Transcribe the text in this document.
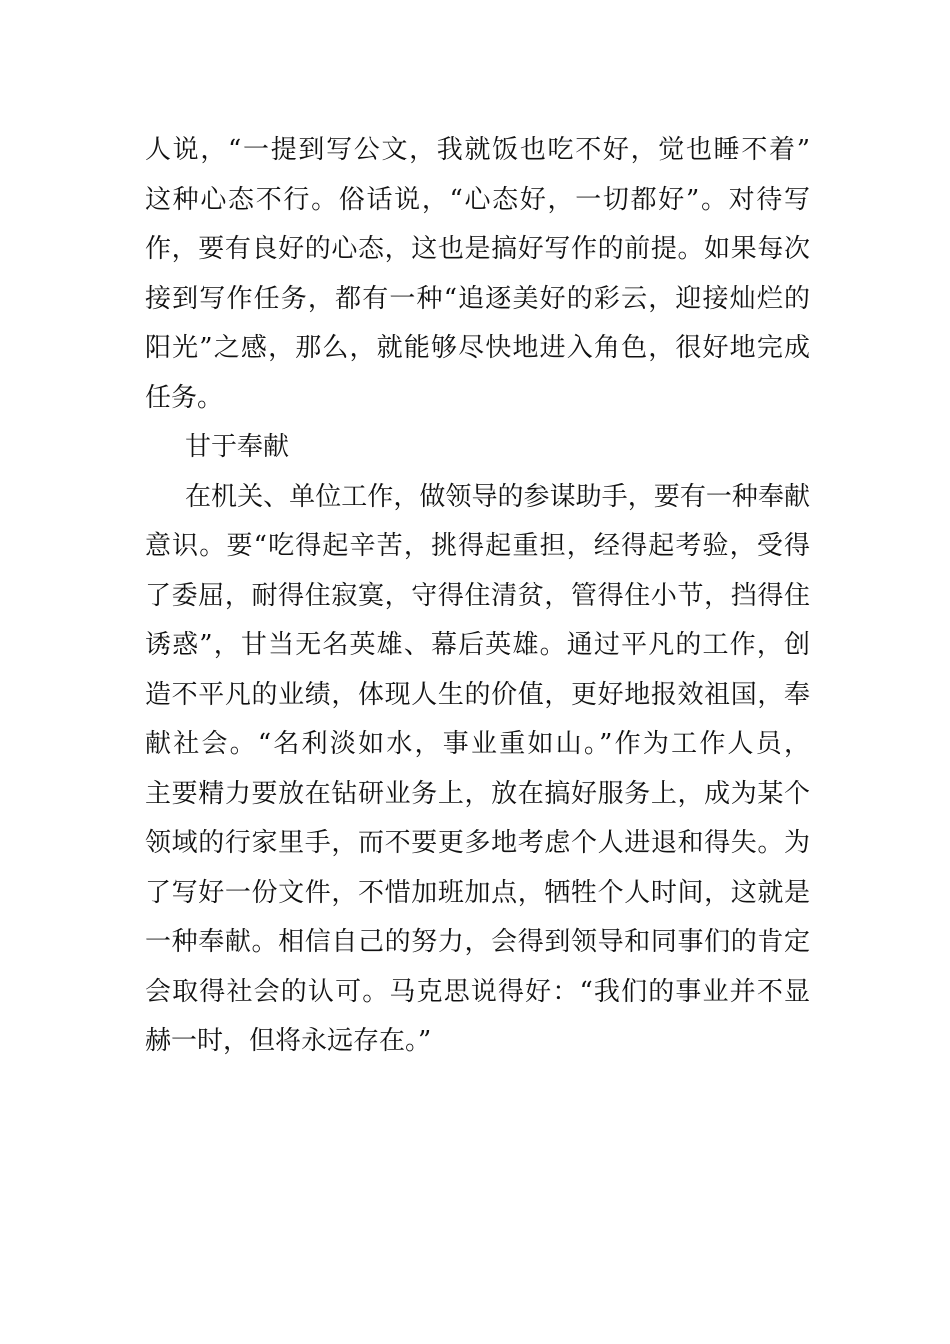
人说，“一提到写公文，我就饭也吃不好，觉也睡不着”
这种心态不行。俗话说，“心态好，一切都好”。对待写
作，要有良好的心态，这也是搞好写作的前提。如果每次
接到写作任务，都有一种“追逐美好的彩云，迎接灿烂的
阳光”之感，那么，就能够尽快地进入角色，很好地完成
任务。
甘于奉献
在机关、单位工作，做领导的参谋助手，要有一种奉献
意识。要“吃得起辛苦，挑得起重担，经得起考验，受得
了委屈，耐得住寂寞，守得住清贫，管得住小节，挡得住
诱惑”，甘当无名英雄、幕后英雄。通过平凡的工作，创
造不平凡的业绩，体现人生的价值，更好地报效祖国，奉
献社会。“名利淡如水，事业重如山。”作为工作人员，
主要精力要放在钻研业务上，放在搞好服务上，成为某个
领域的行家里手，而不要更多地考虑个人进退和得失。为
了写好一份文件，不惜加班加点，牺牲个人时间，这就是
一种奉献。相信自己的努力，会得到领导和同事们的肯定
会取得社会的认可。马克思说得好：“我们的事业并不显
赫一时，但将永远存在。”
